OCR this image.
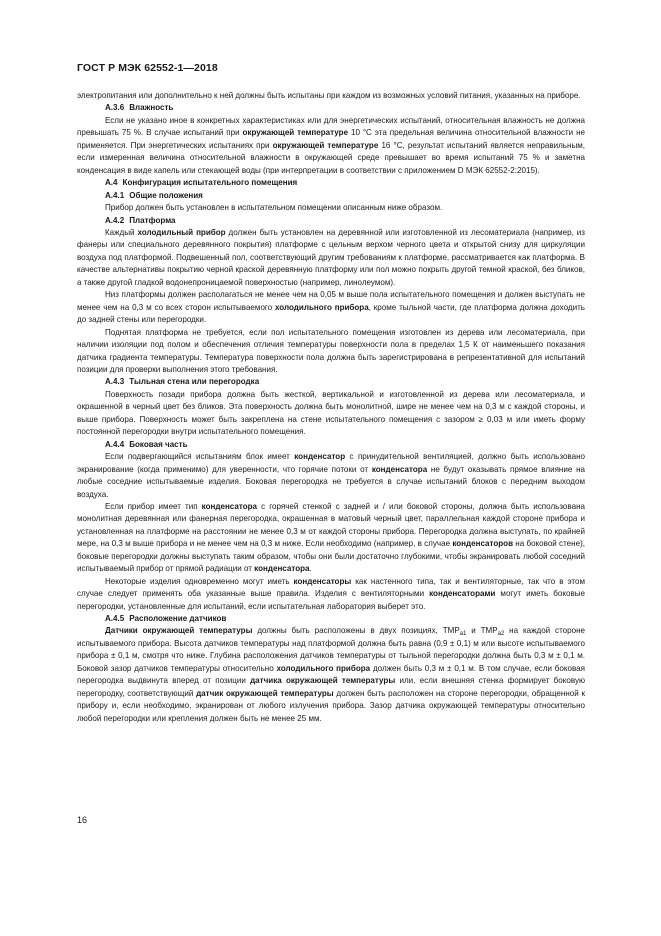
ГОСТ Р МЭК 62552-1—2018

электропитания или дополнительно к ней должны быть испытаны при каждом из возможных условий питания, указанных на приборе.

А.3.6 Влажность

Если не указано иное в конкретных характеристиках или для энергетических испытаний, относительная влажность не должна превышать 75 %. В случае испытаний при окружающей температуре 10 °С эта предельная величина относительной влажности не применяется. При энергетических испытаниях при окружающей температуре 16 °С, результат испытаний является неправильным, если измеренная величина относительной влажности в окружающей среде превышает во время испытаний 75 % и заметна конденсация в виде капель или стекающей воды (при интерпретации в соответствии с приложением D МЭК 62552-2:2015).

А.4 Конфигурация испытательного помещения
А.4.1 Общие положения

Прибор должен быть установлен в испытательном помещении описанным ниже образом.

А.4.2 Платформа

Каждый холодильный прибор должен быть установлен на деревянной или изготовленной из лесоматериала (например, из фанеры или специального деревянного покрытия) платформе с цельным верхом черного цвета и открытой снизу для циркуляции воздуха под платформой. Подвешенный пол, соответствующий другим требованиям к платформе, рассматривается как платформа. В качестве альтернативы покрытию черной краской деревянную платформу или пол можно покрыть другой темной краской, без бликов, а также другой гладкой водонепроницаемой поверхностью (например, линолеумом).

Низ платформы должен располагаться не менее чем на 0,05 м выше пола испытательного помещения и должен выступать не менее чем на 0,3 м со всех сторон испытываемого холодильного прибора, кроме тыльной части, где платформа должна доходить до задней стены или перегородки.

Поднятая платформа не требуется, если пол испытательного помещения изготовлен из дерева или лесоматериала, при наличии изоляции под полом и обеспечения отличия температуры поверхности пола в пределах 1,5 К от наименьшего показания датчика градиента температуры. Температура поверхности пола должна быть зарегистрирована в репрезентативной для испытаний позиции для проверки выполнения этого требования.

А.4.3 Тыльная стена или перегородка

Поверхность позади прибора должна быть жесткой, вертикальной и изготовленной из дерева или лесоматериала, и окрашенной в черный цвет без бликов. Эта поверхность должна быть монолитной, шире не менее чем на 0,3 м с каждой стороны, и выше прибора. Поверхность может быть закреплена на стене испытательного помещения с зазором ≥ 0,03 м или иметь форму постоянной перегородки внутри испытательного помещения.

А.4.4 Боковая часть

Если подвергающийся испытаниям блок имеет конденсатор с принудительной вентиляцией, должно быть использовано экранирование (когда применимо) для уверенности, что горячие потоки от конденсатора не будут оказывать прямое влияние на любые соседние испытываемые изделия. Боковая перегородка не требуется в случае испытаний блоков с передним выходом воздуха.

Если прибор имеет тип конденсатора с горячей стенкой с задней и / или боковой стороны, должна быть использована монолитная деревянная или фанерная перегородка, окрашенная в матовый черный цвет, параллельная каждой стороне прибора и установленная на платформе на расстоянии не менее 0,3 м от каждой стороны прибора. Перегородка должна выступать, по крайней мере, на 0,3 м выше прибора и не менее чем на 0,3 м ниже. Если необходимо (например, в случае конденсаторов на боковой стене), боковые перегородки должны выступать таким образом, чтобы они были достаточно глубокими, чтобы экранировать любой соседний испытываемый прибор от прямой радиации от конденсатора.

Некоторые изделия одновременно могут иметь конденсаторы как настенного типа, так и вентиляторные, так что в этом случае следует применять оба указанные выше правила. Изделия с вентиляторными конденсаторами могут иметь боковые перегородки, установленные для испытаний, если испытательная лаборатория выберет это.

А.4.5 Расположение датчиков

Датчики окружающей температуры должны быть расположены в двух позициях, $TMP_{a1}$ и $TMP_{a2}$ на каждой стороне испытываемого прибора. Высота датчиков температуры над платформой должна быть равна (0,9 ± 0,1) м или высоте испытываемого прибора ± 0,1 м, смотря что ниже. Глубина расположения датчиков температуры от тыльной перегородки должна быть 0,3 м ± 0,1 м. Боковой зазор датчиков температуры относительно холодильного прибора должен быть 0,3 м ± 0,1 м. В том случае, если боковая перегородка выдвинута вперед от позиции датчика окружающей температуры или, если внешняя стенка формирует боковую перегородку, соответствующий датчик окружающей температуры должен быть расположен на стороне перегородки, обращенной к прибору и, если необходимо, экранирован от любого излучения прибора. Зазор датчика окружающей температуры относительно любой перегородки или крепления должен быть не менее 25 мм.

16
